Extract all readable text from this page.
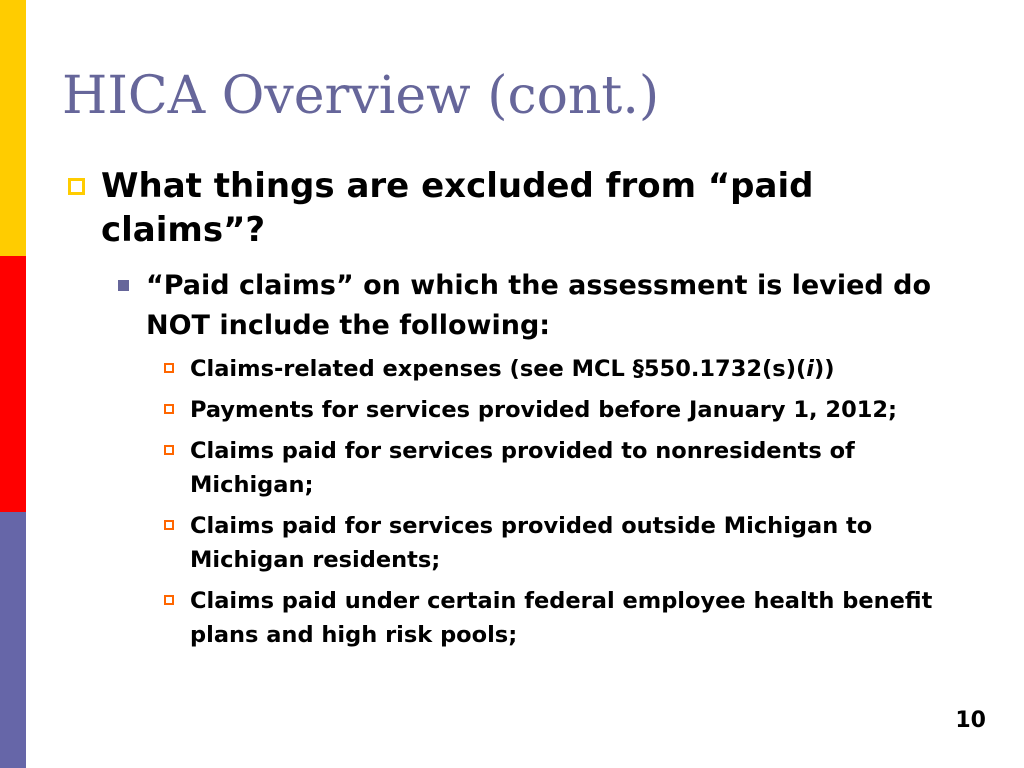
HICA Overview (cont.)
What things are excluded from “paid claims”?
“Paid claims” on which the assessment is levied do NOT include the following:
Claims-related expenses (see MCL §550.1732(s)(i))
Payments for services provided before January 1, 2012;
Claims paid for services provided to nonresidents of Michigan;
Claims paid for services provided outside Michigan to Michigan residents;
Claims paid under certain federal employee health benefit plans and high risk pools;
10
